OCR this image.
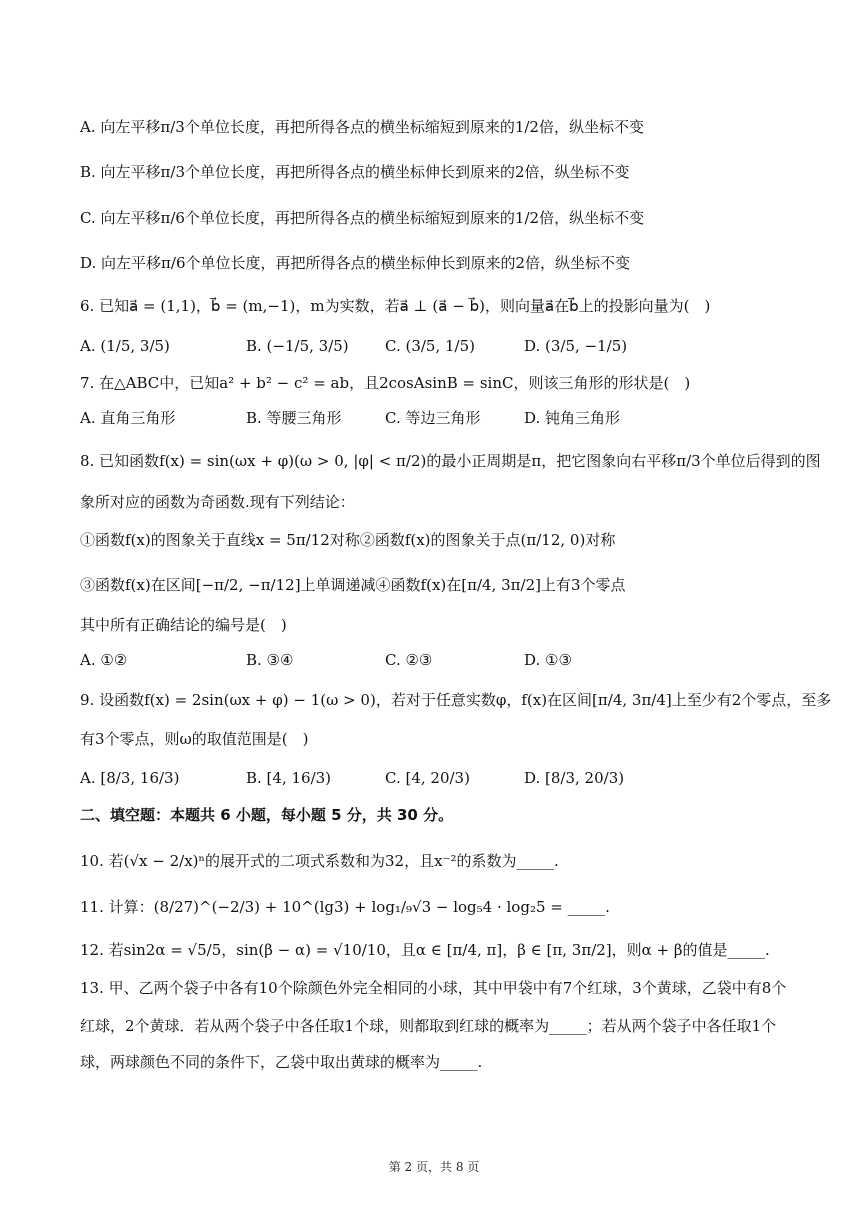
A. 向左平移π/3个单位长度，再把所得各点的横坐标缩短到原来的1/2倍，纵坐标不变
B. 向左平移π/3个单位长度，再把所得各点的横坐标伸长到原来的2倍，纵坐标不变
C. 向左平移π/6个单位长度，再把所得各点的横坐标缩短到原来的1/2倍，纵坐标不变
D. 向左平移π/6个单位长度，再把所得各点的横坐标伸长到原来的2倍，纵坐标不变
6. 已知a⃗ = (1,1)，b⃗ = (m,−1)，m为实数，若a⃗ ⊥ (a⃗ − b⃗)，则向量a⃗在b⃗上的投影向量为(　)
A. (1/5, 3/5)	B. (−1/5, 3/5) C. (3/5, 1/5)	D. (3/5, −1/5)
7. 在△ABC中，已知a² + b² − c² = ab，且2cosAsinB = sinC，则该三角形的形状是(　)
A. 直角三角形	B. 等腰三角形	C. 等边三角形	D. 钝角三角形
8. 已知函数f(x) = sin(ωx + φ)(ω > 0, |φ| < π/2)的最小正周期是π，把它图象向右平移π/3个单位后得到的图
象所对应的函数为奇函数.现有下列结论：
①函数f(x)的图象关于直线x = 5π/12对称②函数f(x)的图象关于点(π/12, 0)对称
③函数f(x)在区间[−π/2, −π/12]上单调递减④函数f(x)在[π/4, 3π/2]上有3个零点
其中所有正确结论的编号是(　)
A. ①②	B. ③④	C. ②③	D. ①③
9. 设函数f(x) = 2sin(ωx + φ) − 1(ω > 0)，若对于任意实数φ，f(x)在区间[π/4, 3π/4]上至少有2个零点，至多
有3个零点，则ω的取值范围是(　)
A. [8/3, 16/3)	B. [4, 16/3)	C. [4, 20/3)	D. [8/3, 20/3)
二、填空题：本题共 6 小题，每小题 5 分，共 30 分。
10. 若(√x − 2/x)ⁿ的展开式的二项式系数和为32，且x⁻²的系数为_____.
11. 计算：(8/27)^(−2/3) + 10^(lg3) + log₁/₉√3 − log₅4 · log₂5 = _____.
12. 若sin2α = √5/5，sin(β − α) = √10/10，且α ∈ [π/4, π]，β ∈ [π, 3π/2]，则α + β的值是_____.
13. 甲、乙两个袋子中各有10个除颜色外完全相同的小球，其中甲袋中有7个红球，3个黄球，乙袋中有8个
红球，2个黄球．若从两个袋子中各任取1个球，则都取到红球的概率为_____；若从两个袋子中各任取1个
球，两球颜色不同的条件下，乙袋中取出黄球的概率为_____.
第 2 页，共 8 页
